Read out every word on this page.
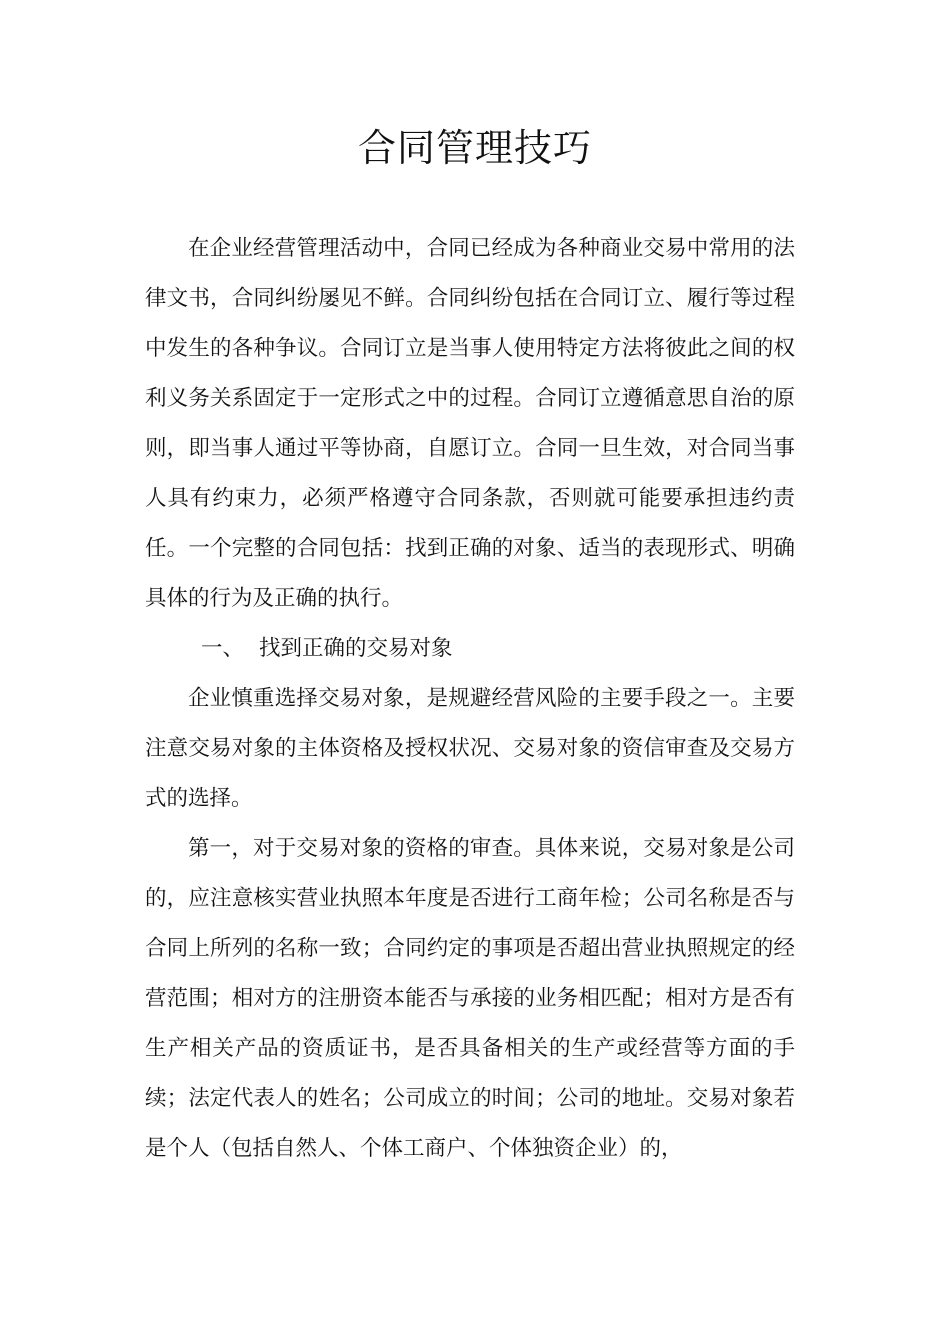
合同管理技巧

在企业经营管理活动中，合同已经成为各种商业交易中常用的法律文书，合同纠纷屡见不鲜。合同纠纷包括在合同订立、履行等过程中发生的各种争议。合同订立是当事人使用特定方法将彼此之间的权利义务关系固定于一定形式之中的过程。合同订立遵循意思自治的原则，即当事人通过平等协商，自愿订立。合同一旦生效，对合同当事人具有约束力，必须严格遵守合同条款，否则就可能要承担违约责任。一个完整的合同包括：找到正确的对象、适当的表现形式、明确具体的行为及正确的执行。

一、 找到正确的交易对象

企业慎重选择交易对象，是规避经营风险的主要手段之一。主要注意交易对象的主体资格及授权状况、交易对象的资信审查及交易方式的选择。

第一，对于交易对象的资格的审查。具体来说，交易对象是公司的，应注意核实营业执照本年度是否进行工商年检；公司名称是否与合同上所列的名称一致；合同约定的事项是否超出营业执照规定的经营范围；相对方的注册资本能否与承接的业务相匹配；相对方是否有生产相关产品的资质证书，是否具备相关的生产或经营等方面的手续；法定代表人的姓名；公司成立的时间；公司的地址。交易对象若是个人（包括自然人、个体工商户、个体独资企业）的，
